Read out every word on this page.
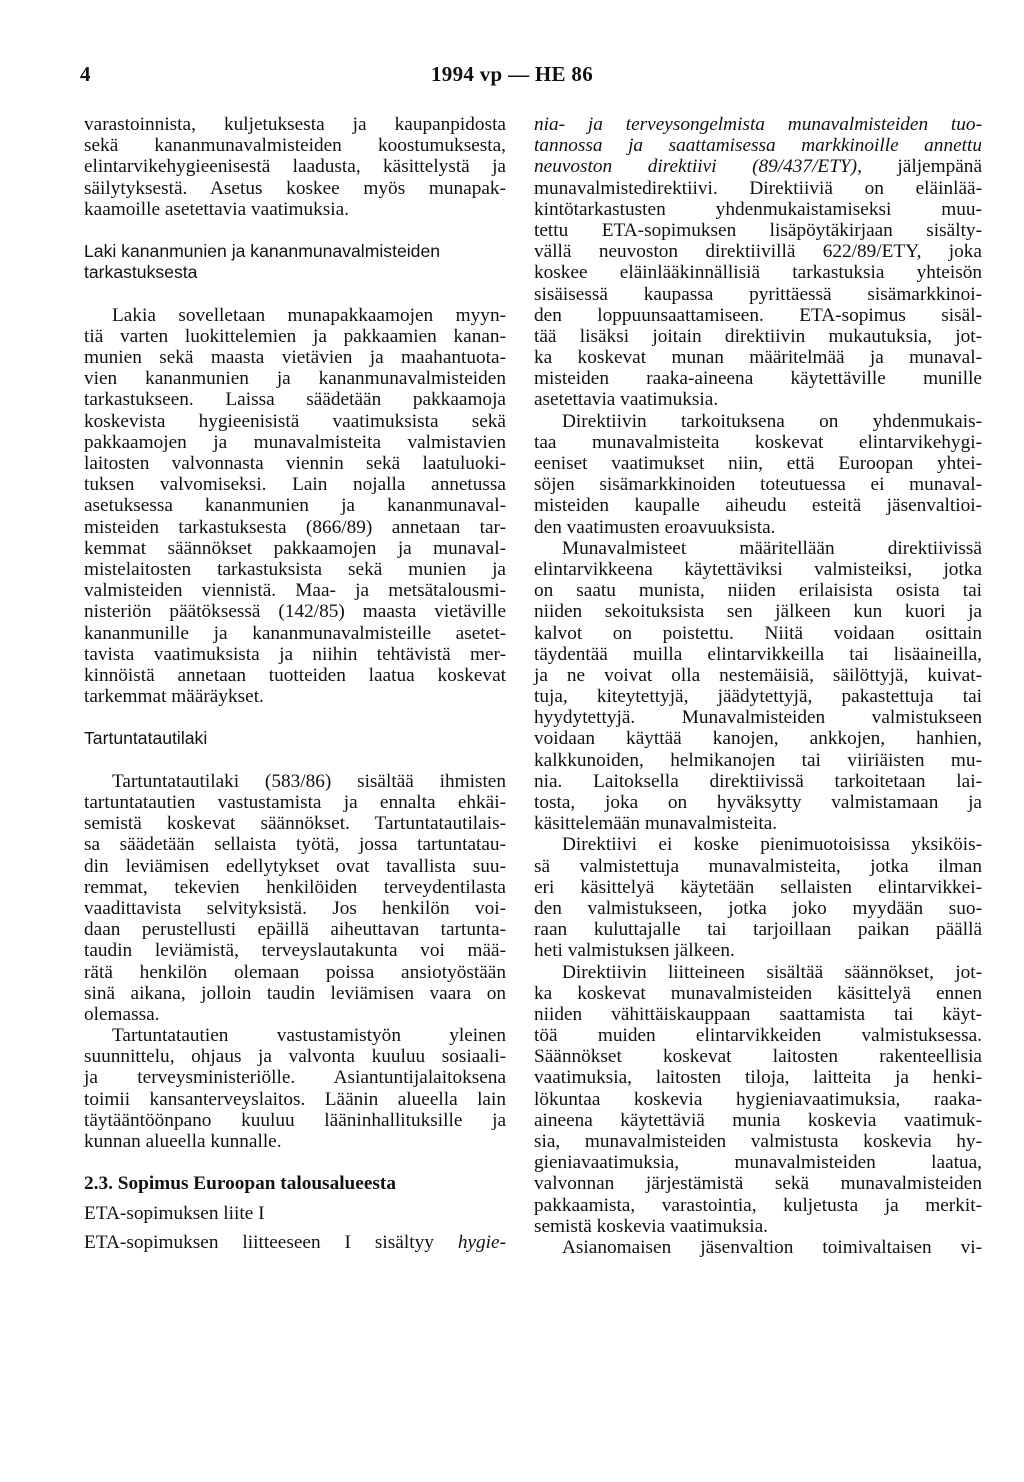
4	1994 vp — HE 86
varastoinnista, kuljetuksesta ja kaupanpidosta
sekä kananmunavalmisteiden koostumuksesta,
elintarvikehygieenisestä laadusta, käsittelystä ja
säilytyksestä. Asetus koskee myös munapak-
kaamoille asetettavia vaatimuksia.
Laki kananmunien ja kananmunavalmisteiden
tarkastuksesta
Lakia sovelletaan munapakkaamojen myyn-
tiä varten luokittelemien ja pakkaamien kanan-
munien sekä maasta vietävien ja maahantuota-
vien kananmunien ja kananmunavalmisteiden
tarkastukseen. Laissa säädetään pakkaamoja
koskevista hygieenisistä vaatimuksista sekä
pakkaamojen ja munavalmisteita valmistavien
laitosten valvonnasta viennin sekä laatuluoki-
tuksen valvomiseksi. Lain nojalla annetussa
asetuksessa kananmunien ja kananmunaval-
misteiden tarkastuksesta (866/89) annetaan tar-
kemmat säännökset pakkaamojen ja munaval-
mistelaitosten tarkastuksista sekä munien ja
valmisteiden viennistä. Maa- ja metsätalousmi-
nisteriön päätöksessä (142/85) maasta vietäville
kananmunille ja kananmunavalmisteille asetet-
tavista vaatimuksista ja niihin tehtävistä mer-
kinnöistä annetaan tuotteiden laatua koskevat
tarkemmat määräykset.
Tartuntatautilaki
Tartuntatautilaki (583/86) sisältää ihmisten
tartuntatautien vastustamista ja ennalta ehkäi-
semistä koskevat säännökset. Tartuntatautilais-
sa säädetään sellaista työtä, jossa tartuntatau-
din leviämisen edellytykset ovat tavallista suu-
remmat, tekevien henkilöiden terveydentilasta
vaadittavista selvityksistä. Jos henkilön voi-
daan perustellusti epäillä aiheuttavan tartunta-
taudin leviämistä, terveyslautakunta voi mää-
rätä henkilön olemaan poissa ansiotyöstään
sinä aikana, jolloin taudin leviämisen vaara on
olemassa.
Tartuntatautien vastustamistyön yleinen
suunnittelu, ohjaus ja valvonta kuuluu sosiaali-
ja terveysministeriölle. Asiantuntijalaitoksena
toimii kansanterveyslaitos. Läänin alueella lain
täytääntöönpano kuuluu lääninhallituksille ja
kunnan alueella kunnalle.
2.3. Sopimus Euroopan talousalueesta
ETA-sopimuksen liite I
ETA-sopimuksen liitteeseen I sisältyy hygie-
nia- ja terveysongelmista munavalmisteiden tuo-
tannossa ja saattamisessa markkinoille annettu
neuvoston direktiivi (89/437/ETY), jäljempänä
munavalmistedirektiivi. Direktiiviä on eläinlää-
kintötarkastusten yhdenmukaistamiseksi muu-
tettu ETA-sopimuksen lisäpöytäkirjaan sisälty-
vällä neuvoston direktiivillä 622/89/ETY, joka
koskee eläinlääkinnällisiä tarkastuksia yhteisön
sisäisessä kaupassa pyrittäessä sisämarkkinoi-
den loppuunsaattamiseen. ETA-sopimus sisäl-
tää lisäksi joitain direktiivin mukautuksia, jot-
ka koskevat munan määritelmää ja munaval-
misteiden raaka-aineena käytettäville munille
asetettavia vaatimuksia.
Direktiivin tarkoituksena on yhdenmukais-
taa munavalmisteita koskevat elintarvikehygi-
eeniset vaatimukset niin, että Euroopan yhtei-
söjen sisämarkkinoiden toteutuessa ei munaval-
misteiden kaupalle aiheudu esteitä jäsenvaltioi-
den vaatimusten eroavuuksista.
Munavalmisteet määritellään direktiivissä
elintarvikkeena käytettäviksi valmisteiksi, jotka
on saatu munista, niiden erilaisista osista tai
niiden sekoituksista sen jälkeen kun kuori ja
kalvot on poistettu. Niitä voidaan osittain
täydentää muilla elintarvikkeilla tai lisäaineilla,
ja ne voivat olla nestemäisiä, säilöttyjä, kuivat-
tuja, kiteytettyjä, jäädytettyjä, pakastettuja tai
hyydytettyjä. Munavalmisteiden valmistukseen
voidaan käyttää kanojen, ankkojen, hanhien,
kalkkunoiden, helmikanojen tai viiriäisten mu-
nia. Laitoksella direktiivissä tarkoitetaan lai-
tosta, joka on hyväksytty valmistamaan ja
käsittelemään munavalmisteita.
Direktiivi ei koske pienimuotoisissa yksiköis-
sä valmistettuja munavalmisteita, jotka ilman
eri käsittelyä käytetään sellaisten elintarvikkei-
den valmistukseen, jotka joko myydään suo-
raan kuluttajalle tai tarjoillaan paikan päällä
heti valmistuksen jälkeen.
Direktiivin liitteineen sisältää säännökset, jot-
ka koskevat munavalmisteiden käsittelyä ennen
niiden vähittäiskauppaan saattamista tai käyt-
töä muiden elintarvikkeiden valmistuksessa.
Säännökset koskevat laitosten rakenteellisia
vaatimuksia, laitosten tiloja, laitteita ja henki-
lökuntaa koskevia hygieniavaatimuksia, raaka-
aineena käytettäviä munia koskevia vaatimuk-
sia, munavalmisteiden valmistusta koskevia hy-
gieniavaatimuksia, munavalmisteiden laatua,
valvonnan järjestämistä sekä munavalmisteiden
pakkaamista, varastointia, kuljetusta ja merkit-
semistä koskevia vaatimuksia.
Asianomaisen jäsenvaltion toimivaltaisen vi-
